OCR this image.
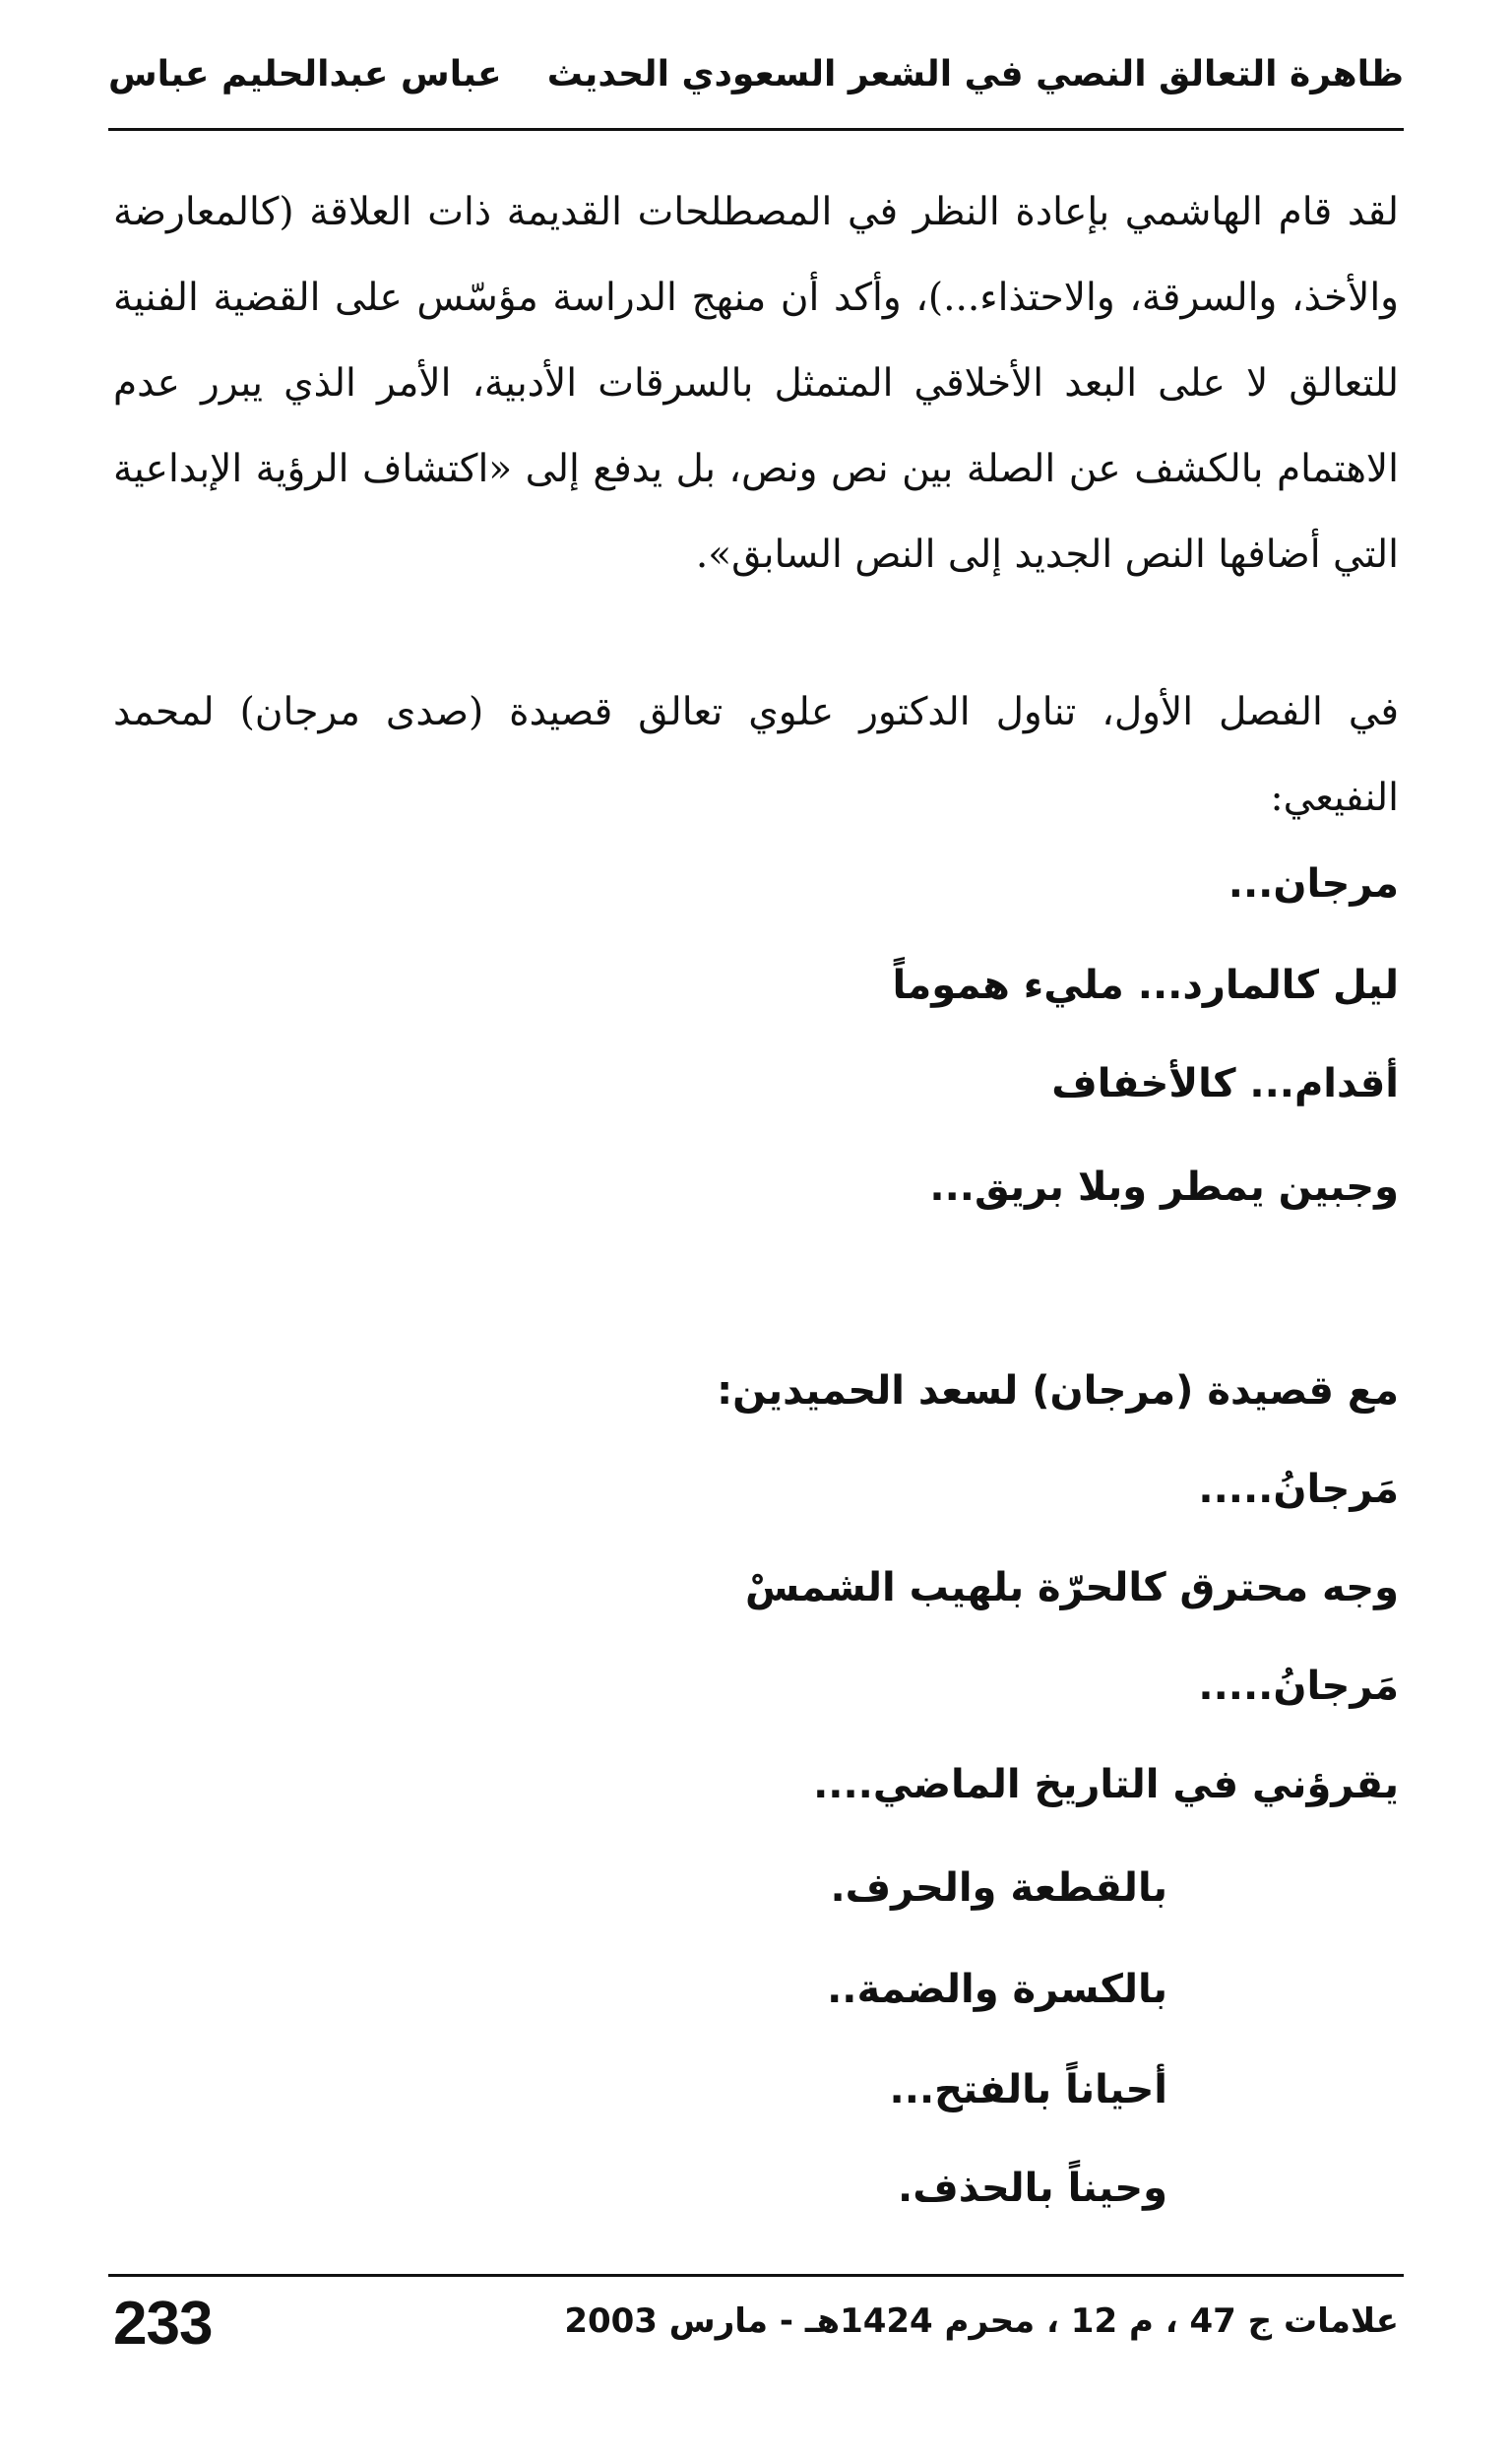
ظاهرة التعالق النصي في الشعر السعودي الحديث
عباس عبدالحليم عباس

لقد قام الهاشمي بإعادة النظر في المصطلحات القديمة ذات العلاقة (كالمعارضة والأخذ، والسرقة، والاحتذاء...)، وأكد أن منهج الدراسة مؤسّس على القضية الفنية للتعالق لا على البعد الأخلاقي المتمثل بالسرقات الأدبية، الأمر الذي يبرر عدم الاهتمام بالكشف عن الصلة بين نص ونص، بل يدفع إلى «اكتشاف الرؤية الإبداعية التي أضافها النص الجديد إلى النص السابق».

في الفصل الأول، تناول الدكتور علوي تعالق قصيدة (صدى مرجان) لمحمد النفيعي:

مرجان...
ليل كالمارد... مليء هموماً
أقدام... كالأخفاف
وجبين يمطر وبلا بريق...
مع قصيدة (مرجان) لسعد الحميدين:
مَرجانُ.....
وجه محترق كالحرّة بلهيب الشمسْ
مَرجانُ.....
يقرؤني في التاريخ الماضي....
بالقطعة والحرف.
بالكسرة والضمة..
أحياناً بالفتح...
وحيناً بالحذف.
علامات ج 47 ، م 12 ، محرم 1424هـ - مارس 2003
233
